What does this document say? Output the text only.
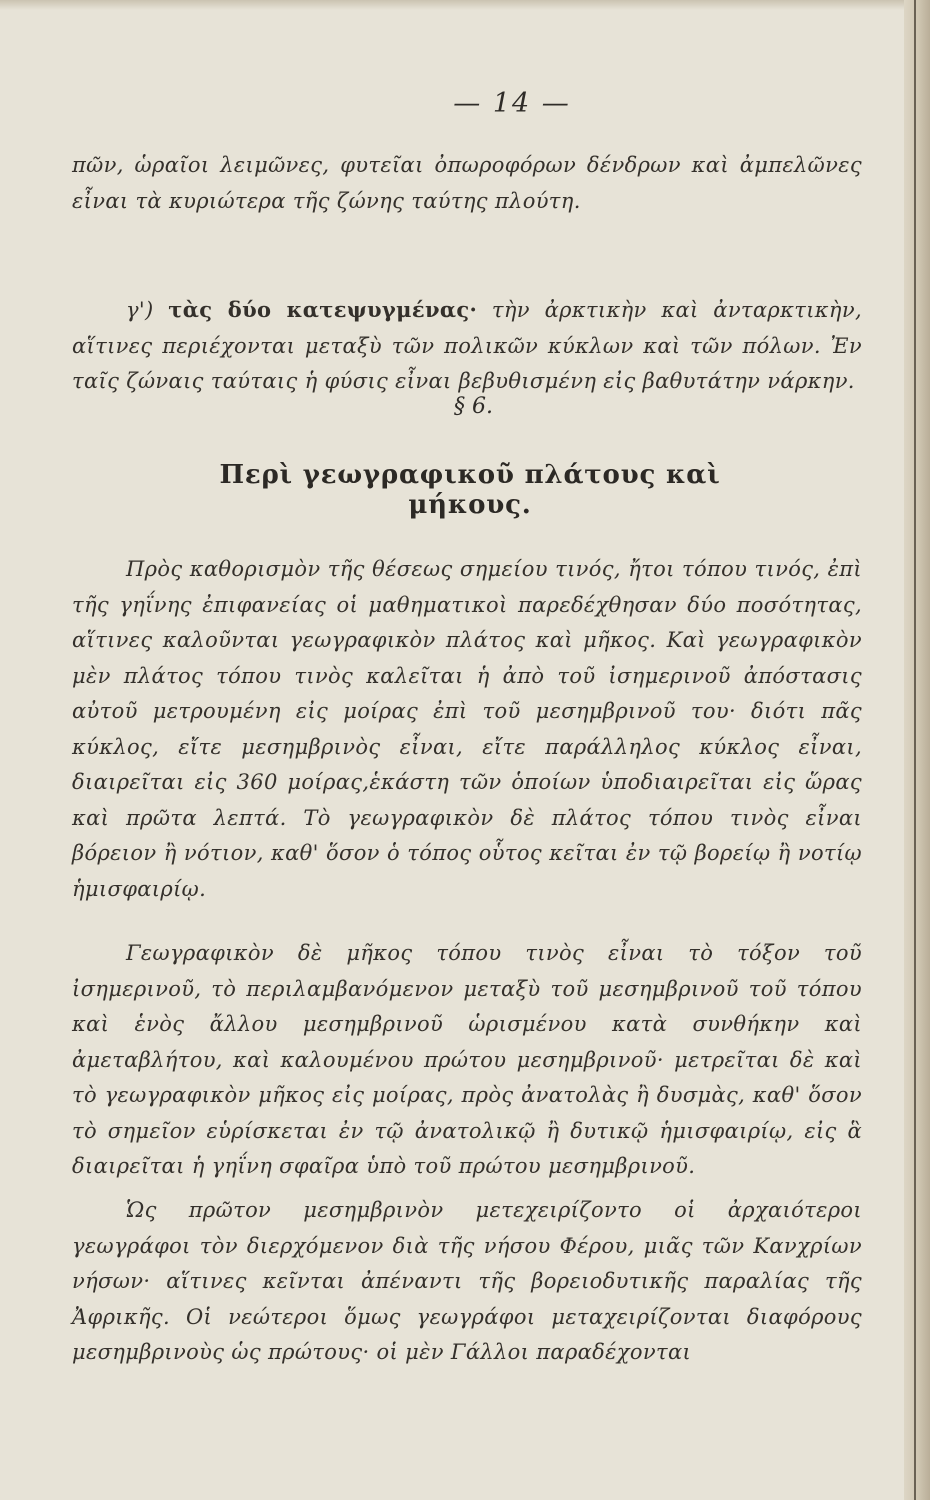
— 14 —

πῶν, ὡραῖοι λειμῶνες, φυτεῖαι ὀπωροφόρων δένδρων καὶ ἀμπελῶνες εἶναι τὰ κυριώτερα τῆς ζώνης ταύτης πλούτη.

γ') τὰς δύο κατεψυγμένας· τὴν ἀρκτικὴν καὶ ἀνταρκτικὴν, αἵτινες περιέχονται μεταξὺ τῶν πολικῶν κύκλων καὶ τῶν πόλων. Ἐν ταῖς ζώναις ταύταις ἡ φύσις εἶναι βεβυθισμένη εἰς βαθυτάτην νάρκην.

§ 6.
Περὶ γεωγραφικοῦ πλάτους καὶ μήκους.

Πρὸς καθορισμὸν τῆς θέσεως σημείου τινός, ἤτοι τόπου τινός, ἐπὶ τῆς γηΐνης ἐπιφανείας οἱ μαθηματικοὶ παρεδέχθησαν δύο ποσότητας, αἵτινες καλοῦνται γεωγραφικὸν πλάτος καὶ μῆκος. Καὶ γεωγραφικὸν μὲν πλάτος τόπου τινὸς καλεῖται ἡ ἀπὸ τοῦ ἰσημερινοῦ ἀπόστασις αὐτοῦ μετρουμένη εἰς μοίρας ἐπὶ τοῦ μεσημβρινοῦ του· διότι πᾶς κύκλος, εἴτε μεσημβρινὸς εἶναι, εἴτε παράλληλος κύκλος εἶναι, διαιρεῖται εἰς 360 μοίρας,ἑκάστη τῶν ὁποίων ὑποδιαιρεῖται εἰς ὥρας καὶ πρῶτα λεπτά. Τὸ γεωγραφικὸν δὲ πλάτος τόπου τινὸς εἶναι βόρειον ἢ νότιον, καθ' ὅσον ὁ τόπος οὗτος κεῖται ἐν τῷ βορείῳ ἢ νοτίῳ ἡμισφαιρίῳ.

Γεωγραφικὸν δὲ μῆκος τόπου τινὸς εἶναι τὸ τόξον τοῦ ἰσημερινοῦ, τὸ περιλαμβανόμενον μεταξὺ τοῦ μεσημβρινοῦ τοῦ τόπου καὶ ἑνὸς ἄλλου μεσημβρινοῦ ὡρισμένου κατὰ συνθήκην καὶ ἀμεταβλήτου, καὶ καλουμένου πρώτου μεσημβρινοῦ· μετρεῖται δὲ καὶ τὸ γεωγραφικὸν μῆκος εἰς μοίρας, πρὸς ἀνατολὰς ἢ δυσμὰς, καθ' ὅσον τὸ σημεῖον εὑρίσκεται ἐν τῷ ἀνατολικῷ ἢ δυτικῷ ἡμισφαιρίῳ, εἰς ἃ διαιρεῖται ἡ γηΐνη σφαῖρα ὑπὸ τοῦ πρώτου μεσημβρινοῦ.

Ὡς πρῶτον μεσημβρινὸν μετεχειρίζοντο οἱ ἀρχαιότεροι γεωγράφοι τὸν διερχόμενον διὰ τῆς νήσου Φέρου, μιᾶς τῶν Κανχρίων νήσων· αἵτινες κεῖνται ἀπέναντι τῆς βορειοδυτικῆς παραλίας τῆς Ἀφρικῆς. Οἱ νεώτεροι ὅμως γεωγράφοι μεταχειρίζονται διαφόρους μεσημβρινοὺς ὡς πρώτους· οἱ μὲν Γάλλοι παραδέχονται
